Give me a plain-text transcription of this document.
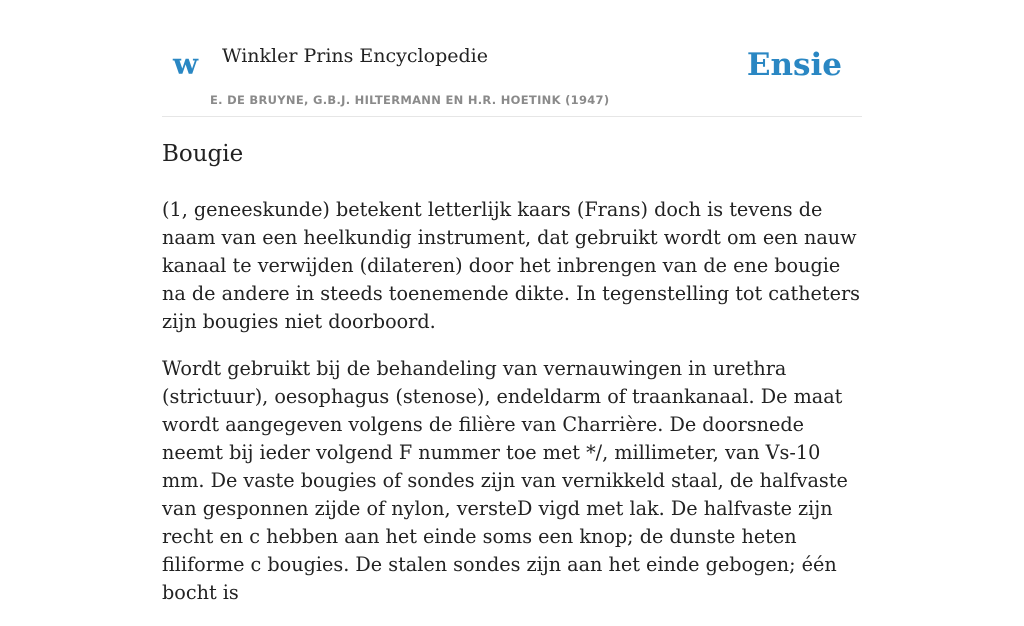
w Winkler Prins Encyclopedie
E. DE BRUYNE, G.B.J. HILTERMANN EN H.R. HOETINK (1947)
Ensie
Bougie

(1, geneeskunde) betekent letterlijk kaars (Frans) doch is tevens de naam van een heelkundig instrument, dat gebruikt wordt om een nauw kanaal te verwijden (dilateren) door het inbrengen van de ene bougie na de andere in steeds toenemende dikte. In tegenstelling tot catheters zijn bougies niet doorboord.

Wordt gebruikt bij de behandeling van vernauwingen in urethra (strictuur), oesophagus (stenose), endeldarm of traankanaal. De maat wordt aangegeven volgens de filière van Charrière. De doorsnede neemt bij ieder volgend F nummer toe met */, millimeter, van Vs-10 mm. De vaste bougies of sondes zijn van vernikkeld staal, de halfvaste van gesponnen zijde of nylon, versteD vigd met lak. De halfvaste zijn recht en c hebben aan het einde soms een knop; de dunste heten filiforme c bougies. De stalen sondes zijn aan het einde gebogen; één bocht is
